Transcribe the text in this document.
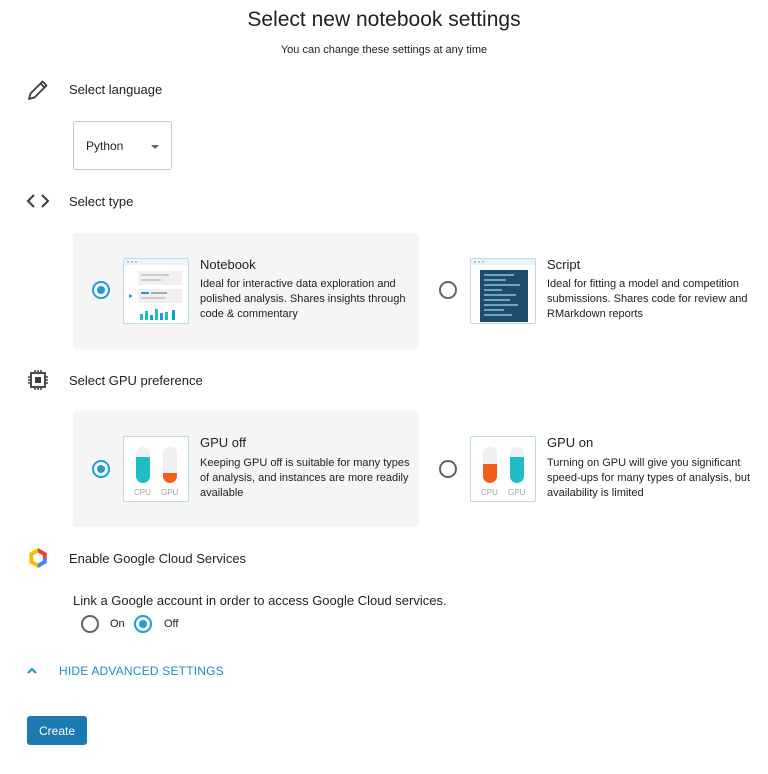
Select new notebook settings
You can change these settings at any time
Select language
Python
Select type
Notebook
Ideal for interactive data exploration and polished analysis. Shares insights through code & commentary
Script
Ideal for fitting a model and competition submissions. Shares code for review and RMarkdown reports
Select GPU preference
CPU GPU
GPU off
Keeping GPU off is suitable for many types of analysis, and instances are more readily available	CPU GPU
GPU on
Turning on GPU will give you significant speed-ups for many types of analysis, but availability is limited
Enable Google Cloud Services
Link a Google account in order to access Google Cloud services.
On	Off
HIDE ADVANCED SETTINGS
Create
